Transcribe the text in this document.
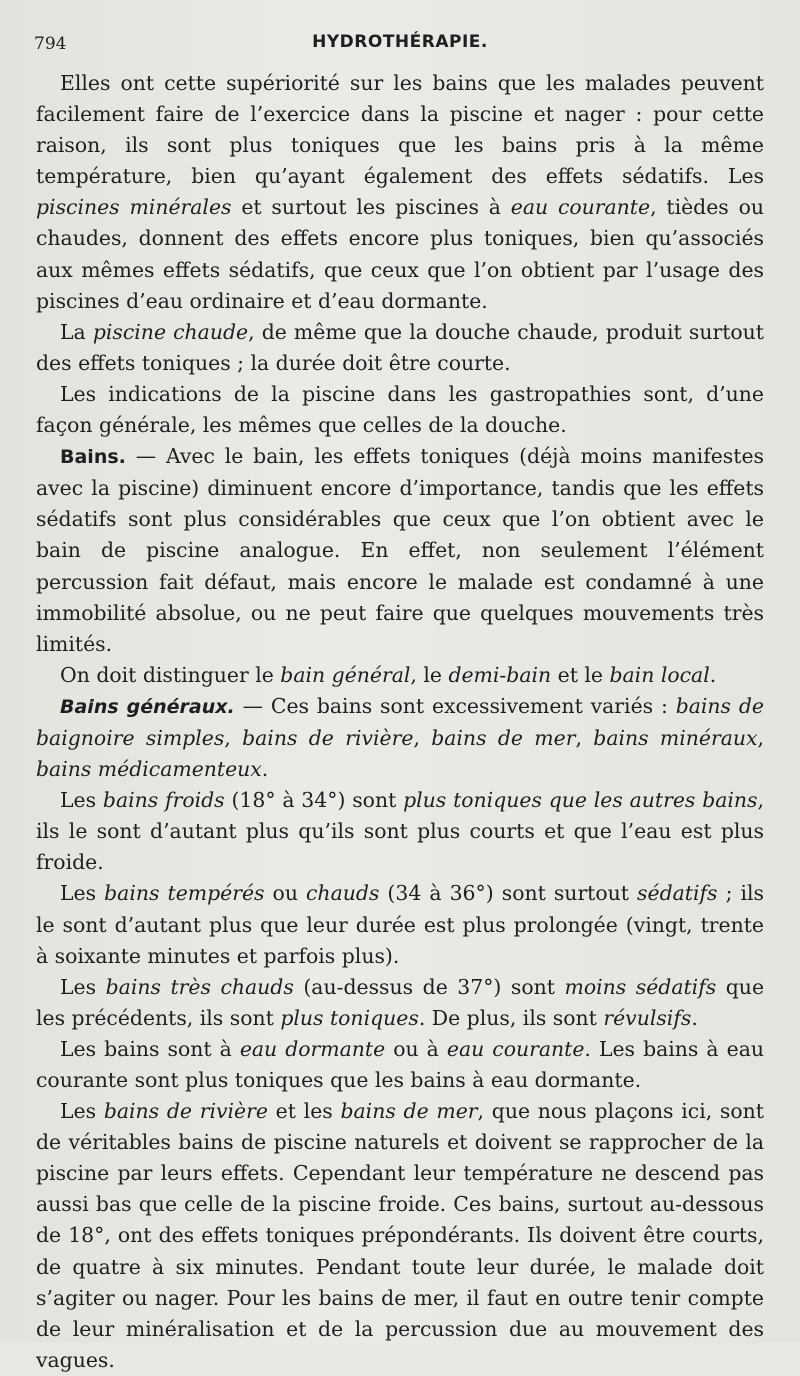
794	HYDROTHÉRAPIE.

Elles ont cette supériorité sur les bains que les malades peuvent facilement faire de l’exercice dans la piscine et nager : pour cette raison, ils sont plus toniques que les bains pris à la même température, bien qu’ayant également des effets sédatifs. Les piscines minérales et surtout les piscines à eau courante, tièdes ou chaudes, donnent des effets encore plus toniques, bien qu’associés aux mêmes effets sédatifs, que ceux que l’on obtient par l’usage des piscines d’eau ordinaire et d’eau dormante.

La piscine chaude, de même que la douche chaude, produit surtout des effets toniques ; la durée doit être courte.

Les indications de la piscine dans les gastropathies sont, d’une façon générale, les mêmes que celles de la douche.

Bains. — Avec le bain, les effets toniques (déjà moins manifestes avec la piscine) diminuent encore d’importance, tandis que les effets sédatifs sont plus considérables que ceux que l’on obtient avec le bain de piscine analogue. En effet, non seulement l’élément percussion fait défaut, mais encore le malade est condamné à une immobilité absolue, ou ne peut faire que quelques mouvements très limités.

On doit distinguer le bain général, le demi-bain et le bain local.

Bains généraux. — Ces bains sont excessivement variés : bains de baignoire simples, bains de rivière, bains de mer, bains minéraux, bains médicamenteux.

Les bains froids (18° à 34°) sont plus toniques que les autres bains, ils le sont d’autant plus qu’ils sont plus courts et que l’eau est plus froide.

Les bains tempérés ou chauds (34 à 36°) sont surtout sédatifs ; ils le sont d’autant plus que leur durée est plus prolongée (vingt, trente à soixante minutes et parfois plus).

Les bains très chauds (au-dessus de 37°) sont moins sédatifs que les précédents, ils sont plus toniques. De plus, ils sont révulsifs.

Les bains sont à eau dormante ou à eau courante. Les bains à eau courante sont plus toniques que les bains à eau dormante.

Les bains de rivière et les bains de mer, que nous plaçons ici, sont de véritables bains de piscine naturels et doivent se rapprocher de la piscine par leurs effets. Cependant leur température ne descend pas aussi bas que celle de la piscine froide. Ces bains, surtout au-dessous de 18°, ont des effets toniques prépondérants. Ils doivent être courts, de quatre à six minutes. Pendant toute leur durée, le malade doit s’agiter ou nager. Pour les bains de mer, il faut en outre tenir compte de leur minéralisation et de la percussion due au mouvement des vagues.
